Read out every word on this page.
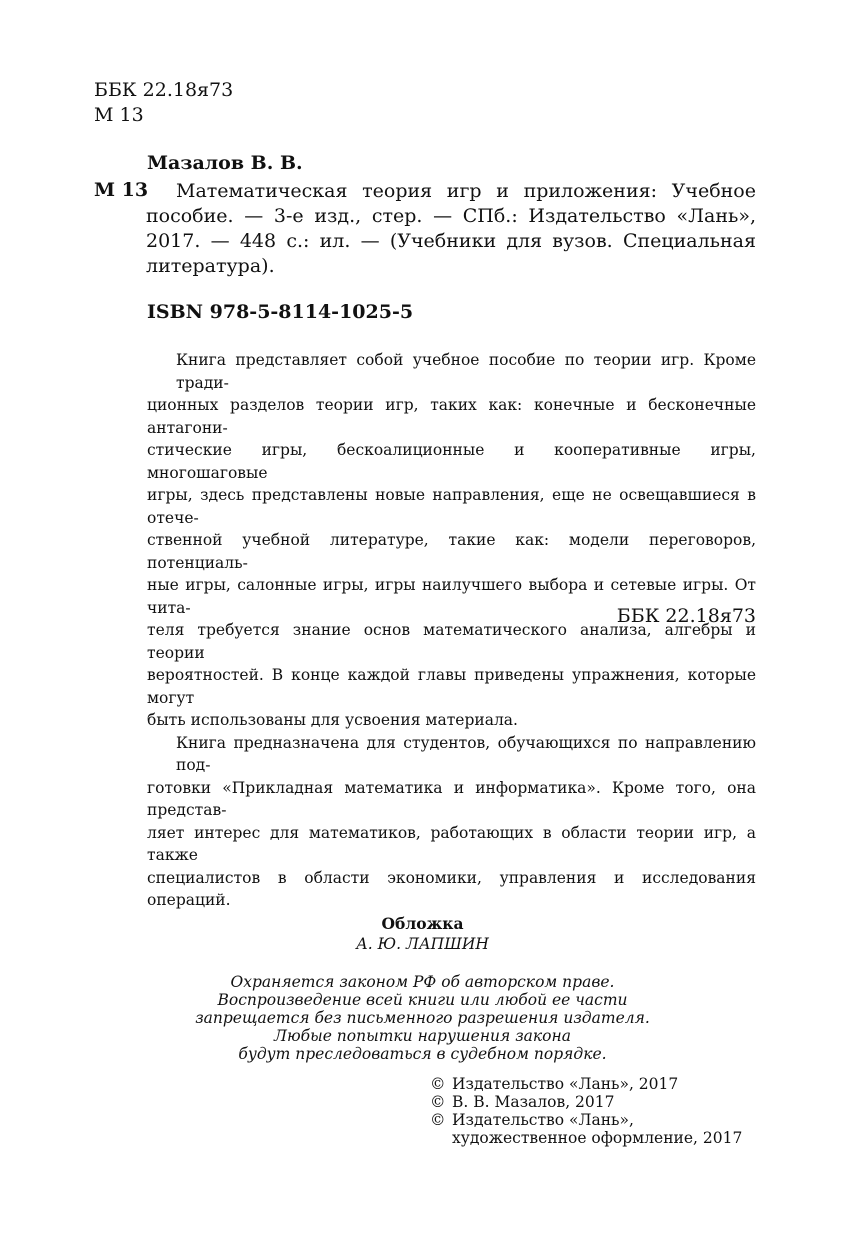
ББК 22.18я73
М 13
Мазалов В. В.
М 13 Математическая теория игр и приложения: Учебное
пособие. — 3-е изд., стер. — СПб.: Издательство «Лань»,
2017. — 448 с.: ил. — (Учебники для вузов. Специальная
литература).
ISBN 978-5-8114-1025-5
Книга представляет собой учебное пособие по теории игр. Кроме тради-
ционных разделов теории игр, таких как: конечные и бесконечные антагони-
стические игры, бескоалиционные и кооперативные игры, многошаговые
игры, здесь представлены новые направления, еще не освещавшиеся в отече-
ственной учебной литературе, такие как: модели переговоров, потенциаль-
ные игры, салонные игры, игры наилучшего выбора и сетевые игры. От чита-
теля требуется знание основ математического анализа, алгебры и теории
вероятностей. В конце каждой главы приведены упражнения, которые могут
быть использованы для усвоения материала.
Книга предназначена для студентов, обучающихся по направлению под-
готовки «Прикладная математика и информатика». Кроме того, она представ-
ляет интерес для математиков, работающих в области теории игр, а также
специалистов в области экономики, управления и исследования операций.
ББК 22.18я73
Обложка
А. Ю. ЛАПШИН
Охраняется законом РФ об авторском праве.
Воспроизведение всей книги или любой ее части
запрещается без письменного разрешения издателя.
Любые попытки нарушения закона
будут преследоваться в судебном порядке.
© Издательство «Лань», 2017
© В. В. Мазалов, 2017
© Издательство «Лань»,
художественное оформление, 2017
